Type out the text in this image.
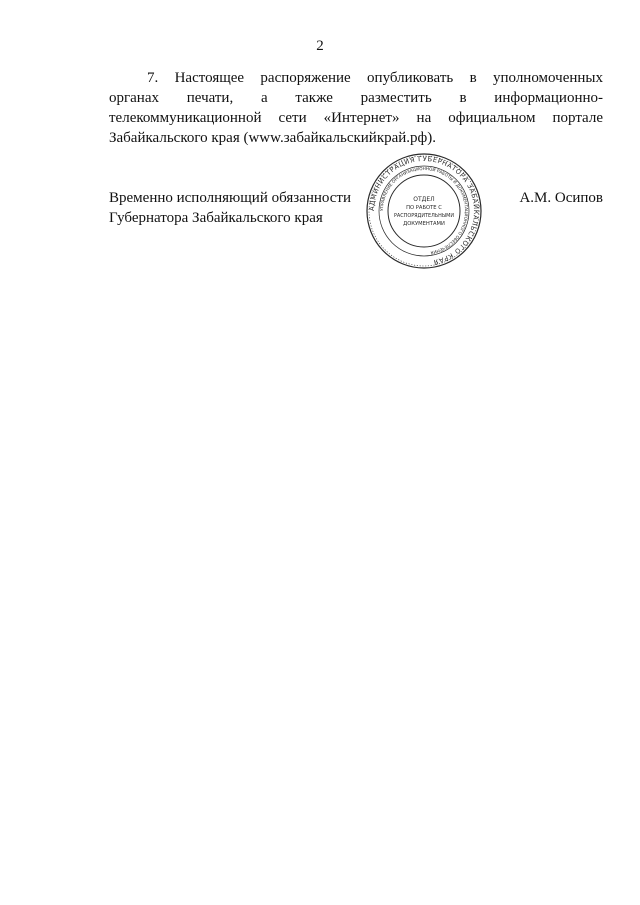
2
7. Настоящее распоряжение опубликовать в уполномоченных
органах печати, а также разместить в информационно-
телекоммуникационной сети «Интернет» на официальном портале
Забайкальского края (www.забайкальскийкрай.рф).
Временно исполняющий обязанности
Губернатора Забайкальского края
А.М. Осипов
АДМИНИСТРАЦИЯ ГУБЕРНАТОРА ЗАБАЙКАЛЬСКОГО КРАЯ
УПРАВЛЕНИЕ ОРГАНИЗАЦИОННОЙ РАБОТЫ И ДОКУМЕНТАЦИОННОГО ОБЕСПЕЧЕНИЯ
ОТДЕЛ
ПО РАБОТЕ С
РАСПОРЯДИТЕЛЬНЫМИ
ДОКУМЕНТАМИ
